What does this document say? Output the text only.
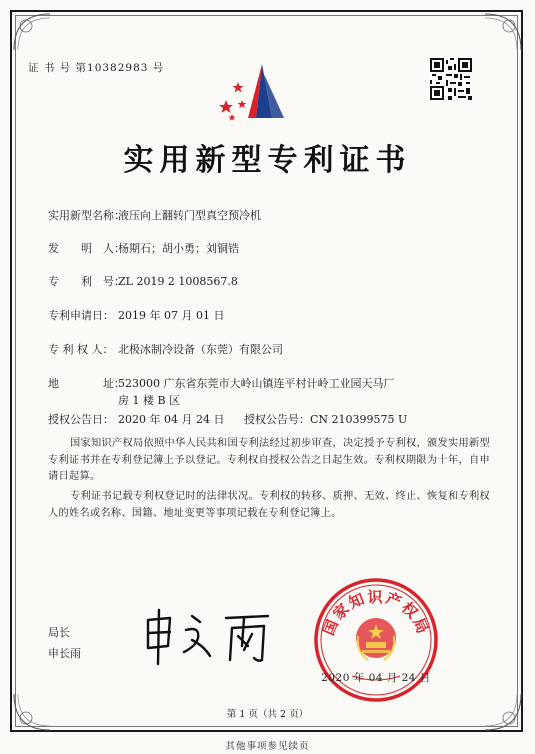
证 书 号 第10382983 号
实用新型专利证书
实用新型名称：液压向上翻转门型真空预冷机
发　　明　人：杨期石；胡小勇；刘铜锆
专　　利　号：ZL 2019 2 1008567.8
专利申请日： 2019 年 07 月 01 日
专 利 权 人： 北极冰制冷设备（东莞）有限公司
地　　　　址：523000 广东省东莞市大岭山镇连平村计岭工业园天马厂
房 1 楼 B 区
授权公告日： 2020 年 04 月 24 日 授权公告号：CN 210399575 U
国家知识产权局依照中华人民共和国专利法经过初步审查，决定授予专利权，颁发实用新型专利证书并在专利登记簿上予以登记。专利权自授权公告之日起生效。专利权期限为十年，自申请日起算。
专利证书记载专利权登记时的法律状况。专利权的转移、质押、无效、终止、恢复和专利权人的姓名或名称、国籍、地址变更等事项记载在专利登记簿上。
局长
申长雨
国家知识产权局
2020 年 04 月 24 日
第 1 页（共 2 页）
其他事项参见续页
